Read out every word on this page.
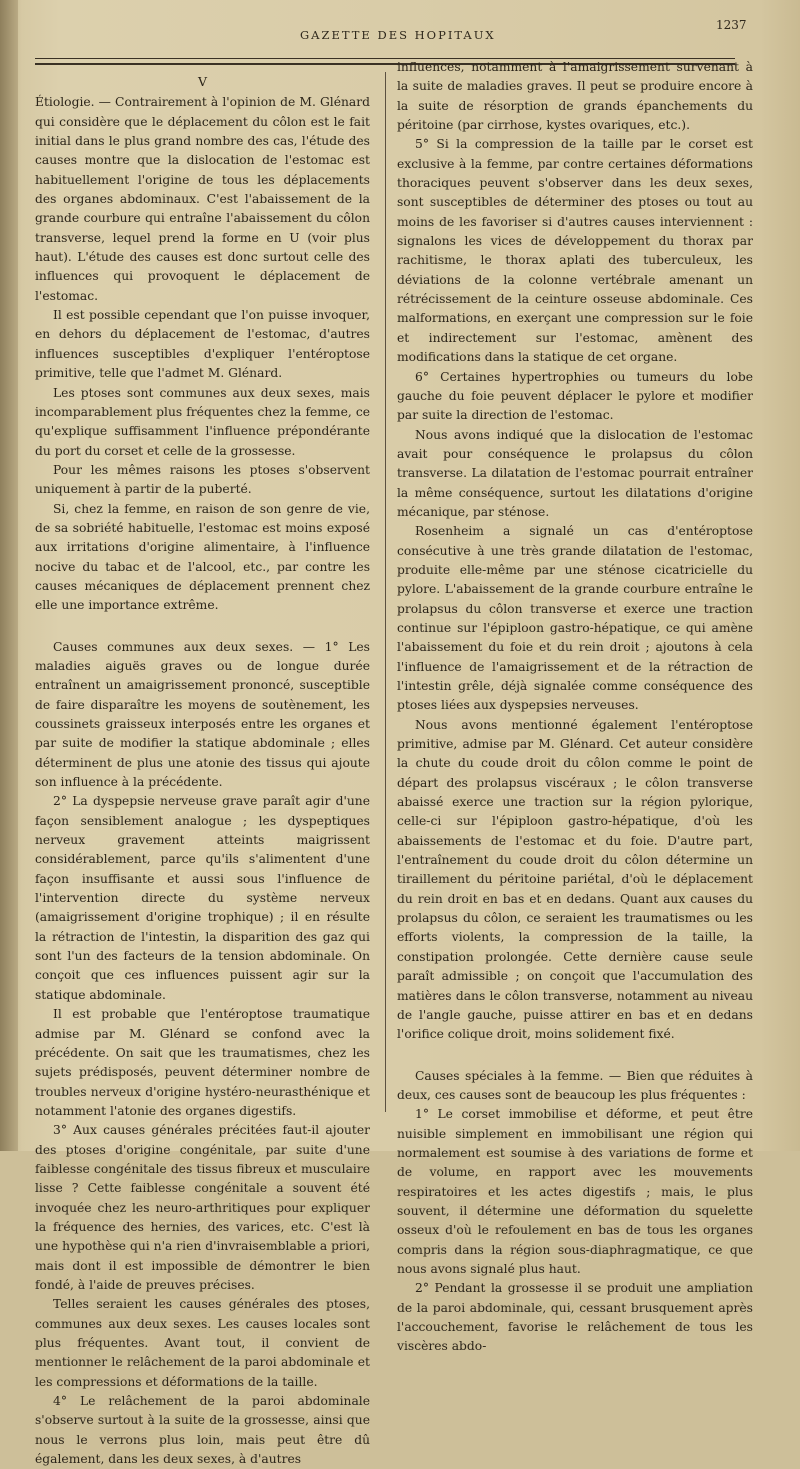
GAZETTE DES HOPITAUX
1237
V

Étiologie. — Contrairement à l'opinion de M. Glénard qui considère que le déplacement du côlon est le fait initial dans le plus grand nombre des cas, l'étude des causes montre que la dislocation de l'estomac est habituellement l'origine de tous les déplacements des organes abdominaux. C'est l'abaissement de la grande courbure qui entraîne l'abaissement du côlon transverse, lequel prend la forme en U (voir plus haut). L'étude des causes est donc surtout celle des influences qui provoquent le déplacement de l'estomac.

Il est possible cependant que l'on puisse invoquer, en dehors du déplacement de l'estomac, d'autres influences susceptibles d'expliquer l'entéroptose primitive, telle que l'admet M. Glénard.

Les ptoses sont communes aux deux sexes, mais incomparablement plus fréquentes chez la femme, ce qu'explique suffisamment l'influence prépondérante du port du corset et celle de la grossesse.

Pour les mêmes raisons les ptoses s'observent uniquement à partir de la puberté.

Si, chez la femme, en raison de son genre de vie, de sa sobriété habituelle, l'estomac est moins exposé aux irritations d'origine alimentaire, à l'influence nocive du tabac et de l'alcool, etc., par contre les causes mécaniques de déplacement prennent chez elle une importance extrême.

Causes communes aux deux sexes. — 1° Les maladies aiguës graves ou de longue durée entraînent un amaigrissement prononcé, susceptible de faire disparaître les moyens de soutènement, les coussinets graisseux interposés entre les organes et par suite de modifier la statique abdominale ; elles déterminent de plus une atonie des tissus qui ajoute son influence à la précédente.

2° La dyspepsie nerveuse grave paraît agir d'une façon sensiblement analogue ; les dyspeptiques nerveux gravement atteints maigrissent considérablement, parce qu'ils s'alimentent d'une façon insuffisante et aussi sous l'influence de l'intervention directe du système nerveux (amaigrissement d'origine trophique) ; il en résulte la rétraction de l'intestin, la disparition des gaz qui sont l'un des facteurs de la tension abdominale. On conçoit que ces influences puissent agir sur la statique abdominale.

Il est probable que l'entéroptose traumatique admise par M. Glénard se confond avec la précédente. On sait que les traumatismes, chez les sujets prédisposés, peuvent déterminer nombre de troubles nerveux d'origine hystéro-neurasthénique et notamment l'atonie des organes digestifs.

3° Aux causes générales précitées faut-il ajouter des ptoses d'origine congénitale, par suite d'une faiblesse congénitale des tissus fibreux et musculaire lisse ? Cette faiblesse congénitale a souvent été invoquée chez les neuro-arthritiques pour expliquer la fréquence des hernies, des varices, etc. C'est là une hypothèse qui n'a rien d'invraisemblable a priori, mais dont il est impossible de démontrer le bien fondé, à l'aide de preuves précises.

Telles seraient les causes générales des ptoses, communes aux deux sexes. Les causes locales sont plus fréquentes. Avant tout, il convient de mentionner le relâchement de la paroi abdominale et les compressions et déformations de la taille.

4° Le relâchement de la paroi abdominale s'observe surtout à la suite de la grossesse, ainsi que nous le verrons plus loin, mais peut être dû également, dans les deux sexes, à d'autres

influences, notamment à l'amaigrissement survenant à la suite de maladies graves. Il peut se produire encore à la suite de résorption de grands épanchements du péritoine (par cirrhose, kystes ovariques, etc.).

5° Si la compression de la taille par le corset est exclusive à la femme, par contre certaines déformations thoraciques peuvent s'observer dans les deux sexes, sont susceptibles de déterminer des ptoses ou tout au moins de les favoriser si d'autres causes interviennent : signalons les vices de développement du thorax par rachitisme, le thorax aplati des tuberculeux, les déviations de la colonne vertébrale amenant un rétrécissement de la ceinture osseuse abdominale. Ces malformations, en exerçant une compression sur le foie et indirectement sur l'estomac, amènent des modifications dans la statique de cet organe.

6° Certaines hypertrophies ou tumeurs du lobe gauche du foie peuvent déplacer le pylore et modifier par suite la direction de l'estomac.

Nous avons indiqué que la dislocation de l'estomac avait pour conséquence le prolapsus du côlon transverse. La dilatation de l'estomac pourrait entraîner la même conséquence, surtout les dilatations d'origine mécanique, par sténose.

Rosenheim a signalé un cas d'entéroptose consécutive à une très grande dilatation de l'estomac, produite elle-même par une sténose cicatricielle du pylore. L'abaissement de la grande courbure entraîne le prolapsus du côlon transverse et exerce une traction continue sur l'épiploon gastro-hépatique, ce qui amène l'abaissement du foie et du rein droit ; ajoutons à cela l'influence de l'amaigrissement et de la rétraction de l'intestin grêle, déjà signalée comme conséquence des ptoses liées aux dyspepsies nerveuses.

Nous avons mentionné également l'entéroptose primitive, admise par M. Glénard. Cet auteur considère la chute du coude droit du côlon comme le point de départ des prolapsus viscéraux ; le côlon transverse abaissé exerce une traction sur la région pylorique, celle-ci sur l'épiploon gastro-hépatique, d'où les abaissements de l'estomac et du foie. D'autre part, l'entraînement du coude droit du côlon détermine un tiraillement du péritoine pariétal, d'où le déplacement du rein droit en bas et en dedans. Quant aux causes du prolapsus du côlon, ce seraient les traumatismes ou les efforts violents, la compression de la taille, la constipation prolongée. Cette dernière cause seule paraît admissible ; on conçoit que l'accumulation des matières dans le côlon transverse, notamment au niveau de l'angle gauche, puisse attirer en bas et en dedans l'orifice colique droit, moins solidement fixé.

Causes spéciales à la femme. — Bien que réduites à deux, ces causes sont de beaucoup les plus fréquentes :

1° Le corset immobilise et déforme, et peut être nuisible simplement en immobilisant une région qui normalement est soumise à des variations de forme et de volume, en rapport avec les mouvements respiratoires et les actes digestifs ; mais, le plus souvent, il détermine une déformation du squelette osseux d'où le refoulement en bas de tous les organes compris dans la région sous-diaphragmatique, ce que nous avons signalé plus haut.

2° Pendant la grossesse il se produit une ampliation de la paroi abdominale, qui, cessant brusquement après l'accouchement, favorise le relâchement de tous les viscères abdo-
